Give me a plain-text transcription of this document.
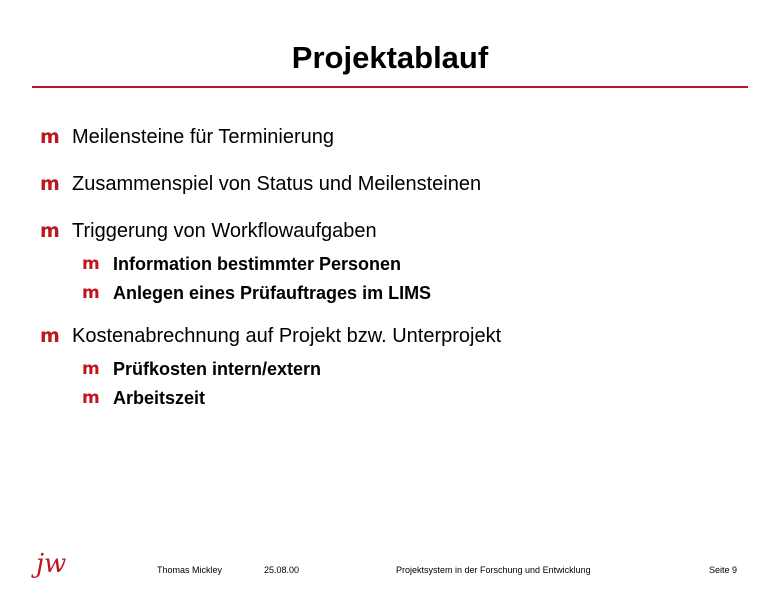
Projektablauf
m Meilensteine für Terminierung
m Zusammenspiel von Status und Meilensteinen
m Triggerung von Workflowaufgaben
m Information bestimmter Personen
m Anlegen eines Prüfauftrages im LIMS
m Kostenabrechnung auf Projekt bzw. Unterprojekt
m Prüfkosten intern/extern
m Arbeitszeit
jw	Thomas Mickley	25.08.00	Projektsystem in der Forschung und Entwicklung	Seite 9
